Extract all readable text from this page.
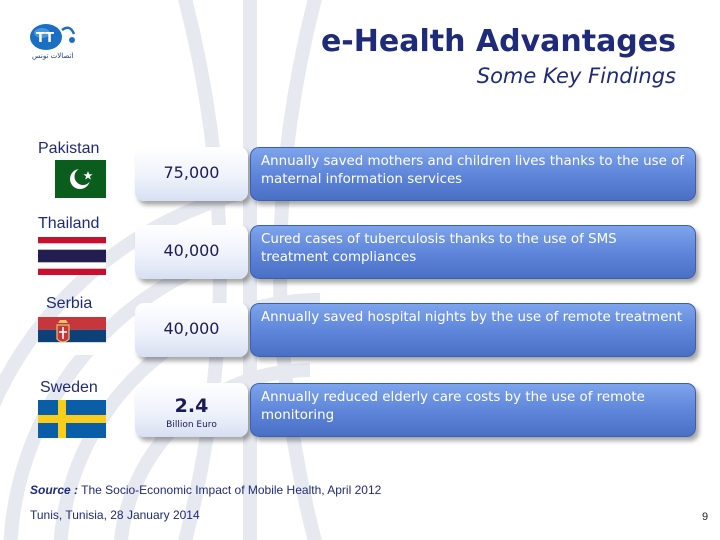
TT
اتصالات تونس	e-Health Advantages
Some Key Findings
Pakistan
Thailand
Serbia
Sweden
75,000
40,000
40,000
2.4
Billion Euro
Annually saved mothers and children lives thanks to the use of maternal information services
Cured cases of tuberculosis thanks to the use of SMS treatment compliances
Annually saved hospital nights by the use of remote treatment
Annually reduced elderly care costs by the use of remote monitoring
Source : The Socio-Economic Impact of Mobile Health, April 2012
Tunis, Tunisia, 28 January 2014	9
